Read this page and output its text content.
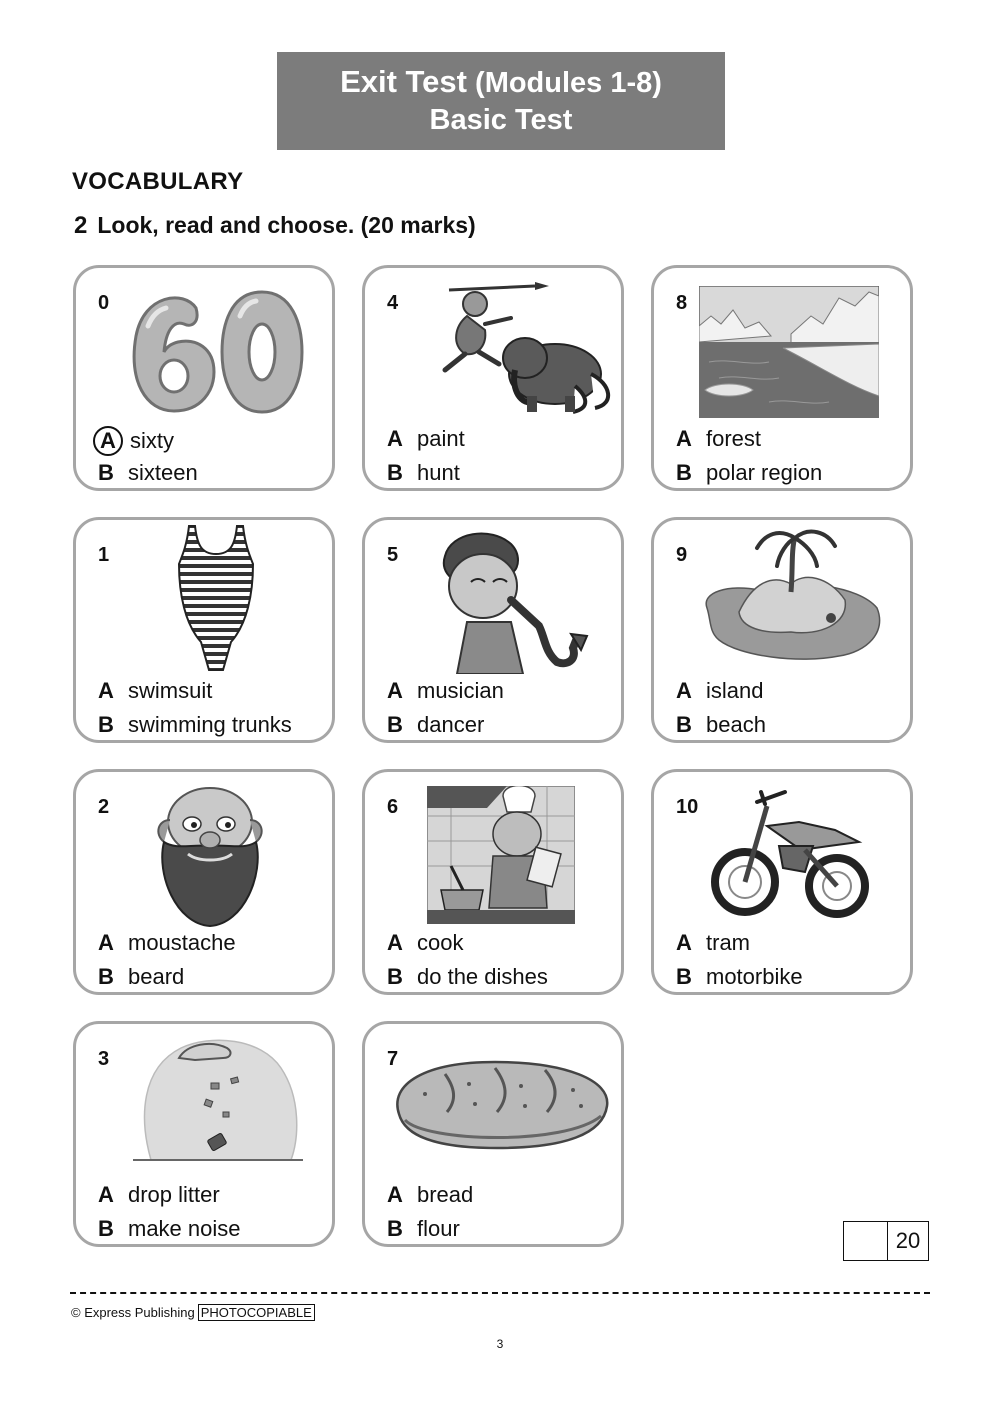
Exit Test (Modules 1-8)
Basic Test
VOCABULARY
2 Look, read and choose. (20 marks)
0
A sixty
B sixteen
1
A swimsuit
B swimming trunks
2
A moustache
B beard
3
A drop litter
B make noise
4
A paint
B hunt
5
A musician
B dancer
6
A cook
B do the dishes
7
A bread
B flour
8
A forest
B polar region
9
A island
B beach
10
A tram
B motorbike
20
© Express Publishing PHOTOCOPIABLE
3
